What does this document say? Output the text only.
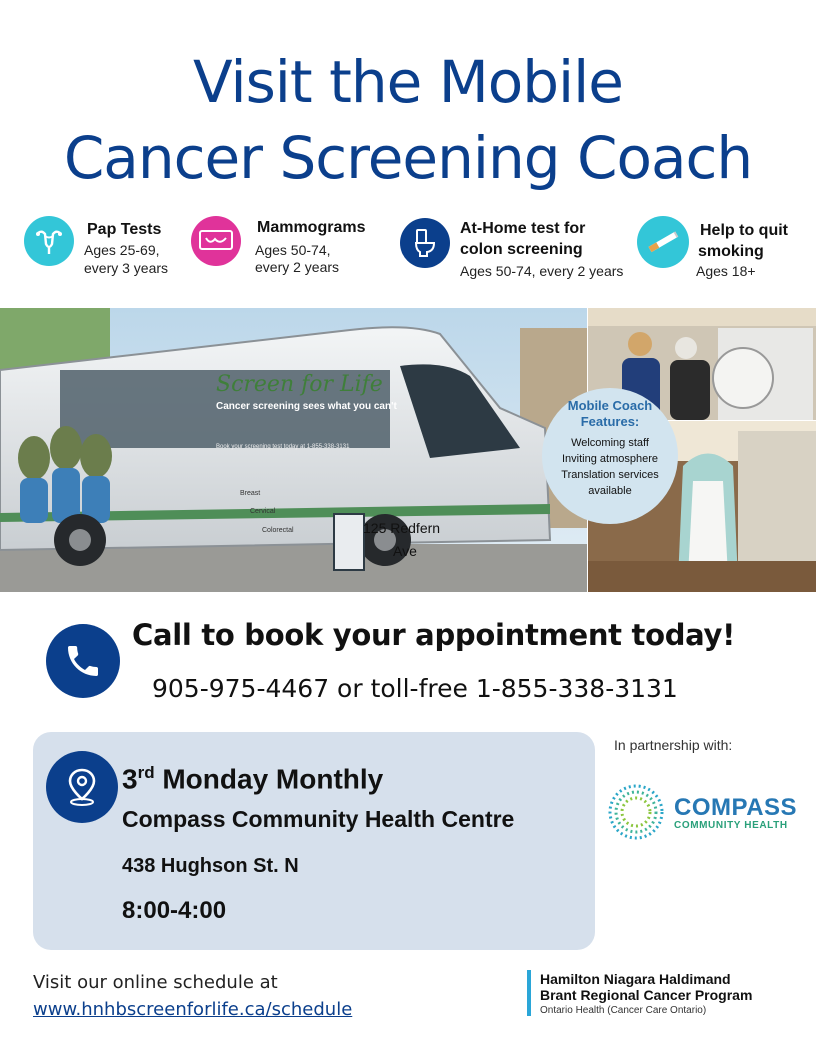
Visit the Mobile
Cancer Screening Coach
Pap Tests
Ages 25-69,
every 3 years
Mammograms
Ages 50-74,
every 2 years
At-Home test for
colon screening
Ages 50-74, every 2 years
Help to quit
smoking
Ages 18+
Screen for Life
Cancer screening sees what you can't
Book your screening test today at 1-855-338-3131
Breast
Cervical
Colorectal	125 Redfern
Ave
Mobile Coach
Features:
Welcoming staff
Inviting atmosphere
Translation services
available
Call to book your appointment today!
905-975-4467 or toll-free 1-855-338-3131
3rd Monday Monthly
Compass Community Health Centre
438 Hughson St. N
8:00-4:00
In partnership with:
COMPASS
COMMUNITY HEALTH
Visit our online schedule at
www.hnhbscreenforlife.ca/schedule
Hamilton Niagara Haldimand
Brant Regional Cancer Program
Ontario Health (Cancer Care Ontario)
